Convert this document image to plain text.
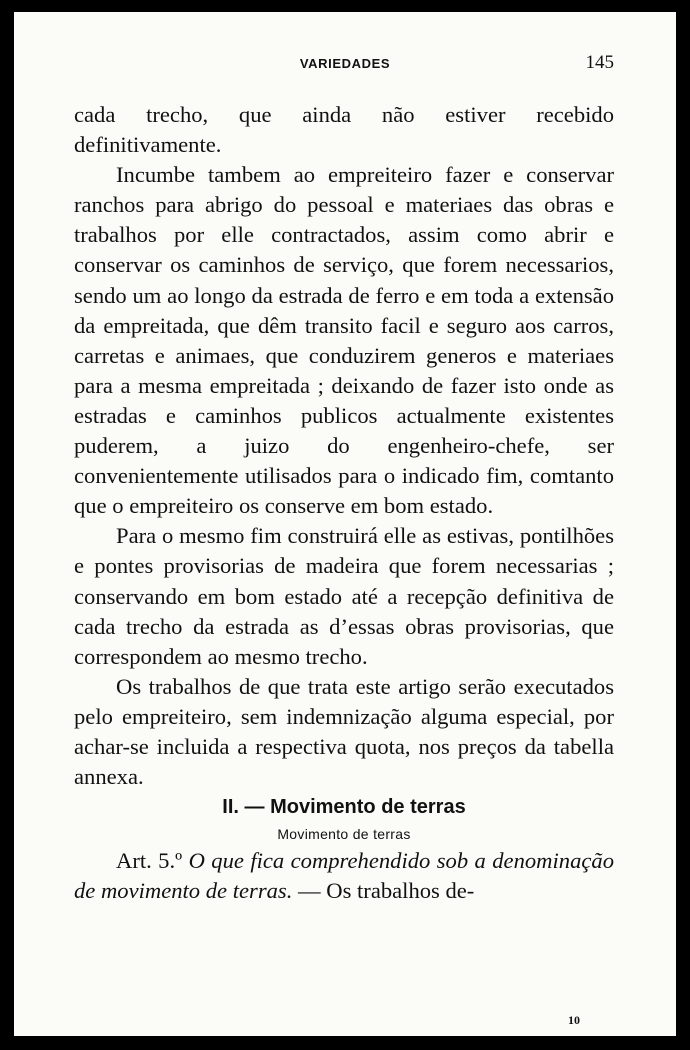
VARIEDADES	145

cada trecho, que ainda não estiver recebido definitivamente.

Incumbe tambem ao empreiteiro fazer e conservar ranchos para abrigo do pessoal e materiaes das obras e trabalhos por elle contractados, assim como abrir e conservar os caminhos de serviço, que forem necessarios, sendo um ao longo da estrada de ferro e em toda a extensão da empreitada, que dêm transito facil e seguro aos carros, carretas e animaes, que conduzirem generos e materiaes para a mesma empreitada ; deixando de fazer isto onde as estradas e caminhos publicos actualmente existentes puderem, a juizo do engenheiro-chefe, ser convenientemente utilisados para o indicado fim, comtanto que o empreiteiro os conserve em bom estado.

Para o mesmo fim construirá elle as estivas, pontilhões e pontes provisorias de madeira que forem necessarias ; conservando em bom estado até a recepção definitiva de cada trecho da estrada as d’essas obras provisorias, que correspondem ao mesmo trecho.

Os trabalhos de que trata este artigo serão executados pelo empreiteiro, sem indemnização alguma especial, por achar-se incluida a respectiva quota, nos preços da tabella annexa.

II. — Movimento de terras

Movimento de terras

Art. 5.º O que fica comprehendido sob a denominação de movimento de terras. — Os trabalhos de-

10
